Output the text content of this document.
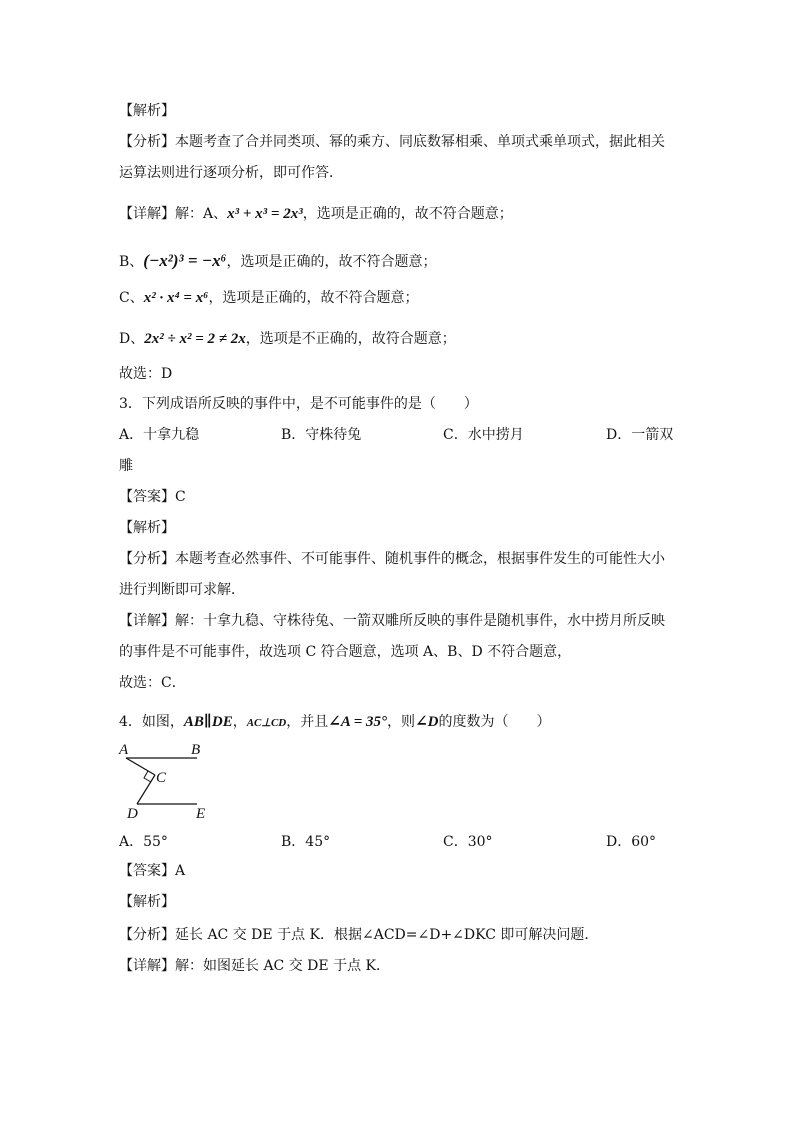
【解析】
【分析】本题考查了合并同类项、幂的乘方、同底数幂相乘、单项式乘单项式，据此相关
运算法则进行逐项分析，即可作答．
【详解】解：A、x³ + x³ = 2x³，选项是正确的，故不符合题意；
B、(−x²)³ = −x⁶，选项是正确的，故不符合题意；
C、x² · x⁴ = x⁶，选项是正确的，故不符合题意；
D、2x² ÷ x² = 2 ≠ 2x，选项是不正确的，故符合题意；
故选：D
3．下列成语所反映的事件中，是不可能事件的是（　　）
A．十拿九稳	B．守株待兔	C．水中捞月	D．一箭双
雕
【答案】C
【解析】
【分析】本题考查必然事件、不可能事件、随机事件的概念，根据事件发生的可能性大小
进行判断即可求解．
【详解】解：十拿九稳、守株待兔、一箭双雕所反映的事件是随机事件，水中捞月所反映
的事件是不可能事件，故选项 C 符合题意，选项 A、B、D 不符合题意，
故选：C．
4．如图，AB∥DE，AC⊥CD，并且∠A = 35°，则∠D的度数为（　　）
A	B
C
D	E
A．55°	B．45°	C．30°	D．60°
【答案】A
【解析】
【分析】延长 AC 交 DE 于点 K．根据∠ACD=∠D+∠DKC 即可解决问题．
【详解】解：如图延长 AC 交 DE 于点 K．
